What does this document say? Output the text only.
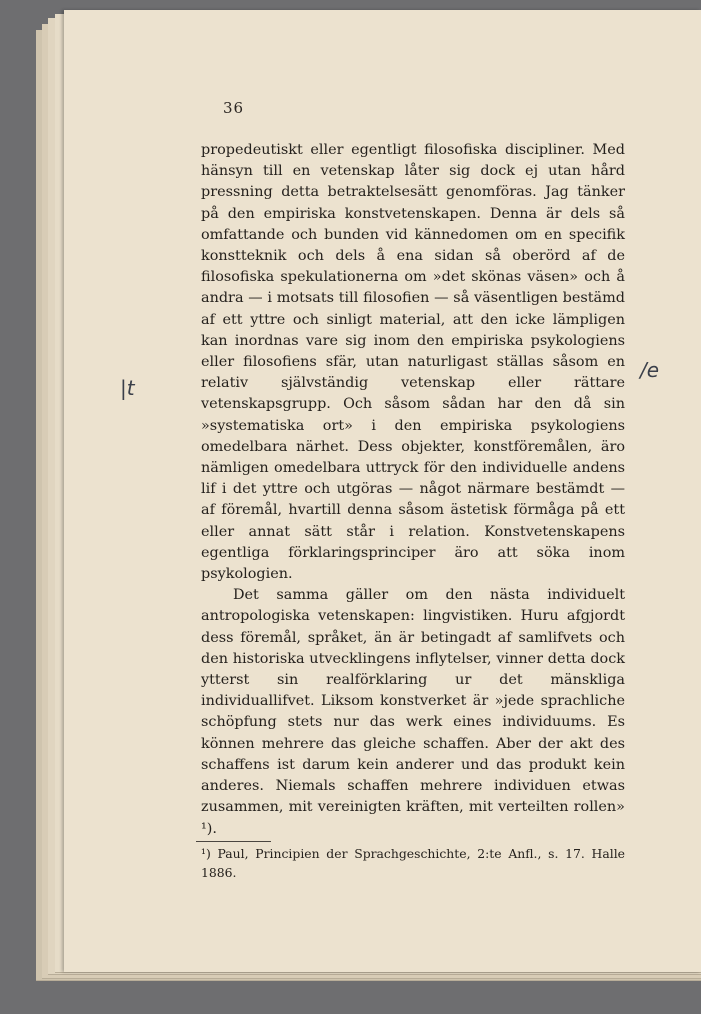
36
|t
/e

propedeutiskt eller egentligt filosofiska discipliner. Med hänsyn till en vetenskap låter sig dock ej utan hård pressning detta betraktelsesätt genomföras. Jag tänker på den empiriska konstvetenskapen. Denna är dels så omfattande och bunden vid kännedomen om en specifik konstteknik och dels å ena sidan så oberörd af de filosofiska spekulationerna om »det skönas väsen» och å andra — i motsats till filosofien — så väsentligen bestämd af ett yttre och sinligt material, att den icke lämpligen kan inordnas vare sig inom den empiriska psykologiens eller filosofiens sfär, utan naturligast ställas såsom en relativ självständig vetenskap eller rättare vetenskapsgrupp. Och såsom sådan har den då sin »systematiska ort» i den empiriska psykologiens omedelbara närhet. Dess objekter, konstföremålen, äro nämligen omedelbara uttryck för den individuelle andens lif i det yttre och utgöras — något närmare bestämdt — af föremål, hvartill denna såsom ästetisk förmåga på ett eller annat sätt står i relation. Konstvetenskapens egentliga förklaringsprinciper äro att söka inom psykologien.

Det samma gäller om den nästa individuelt antropologiska vetenskapen: lingvistiken. Huru afgjordt dess föremål, språket, än är betingadt af samlifvets och den historiska utvecklingens inflytelser, vinner detta dock ytterst sin realförklaring ur det mänskliga individuallifvet. Liksom konstverket är »jede sprachliche schöpfung stets nur das werk eines individuums. Es können mehrere das gleiche schaffen. Aber der akt des schaffens ist darum kein anderer und das produkt kein anderes. Niemals schaffen mehrere individuen etwas zusammen, mit vereinigten kräften, mit verteilten rollen» ¹).

¹) Paul, Principien der Sprachgeschichte, 2:te Anfl., s. 17. Halle 1886.
